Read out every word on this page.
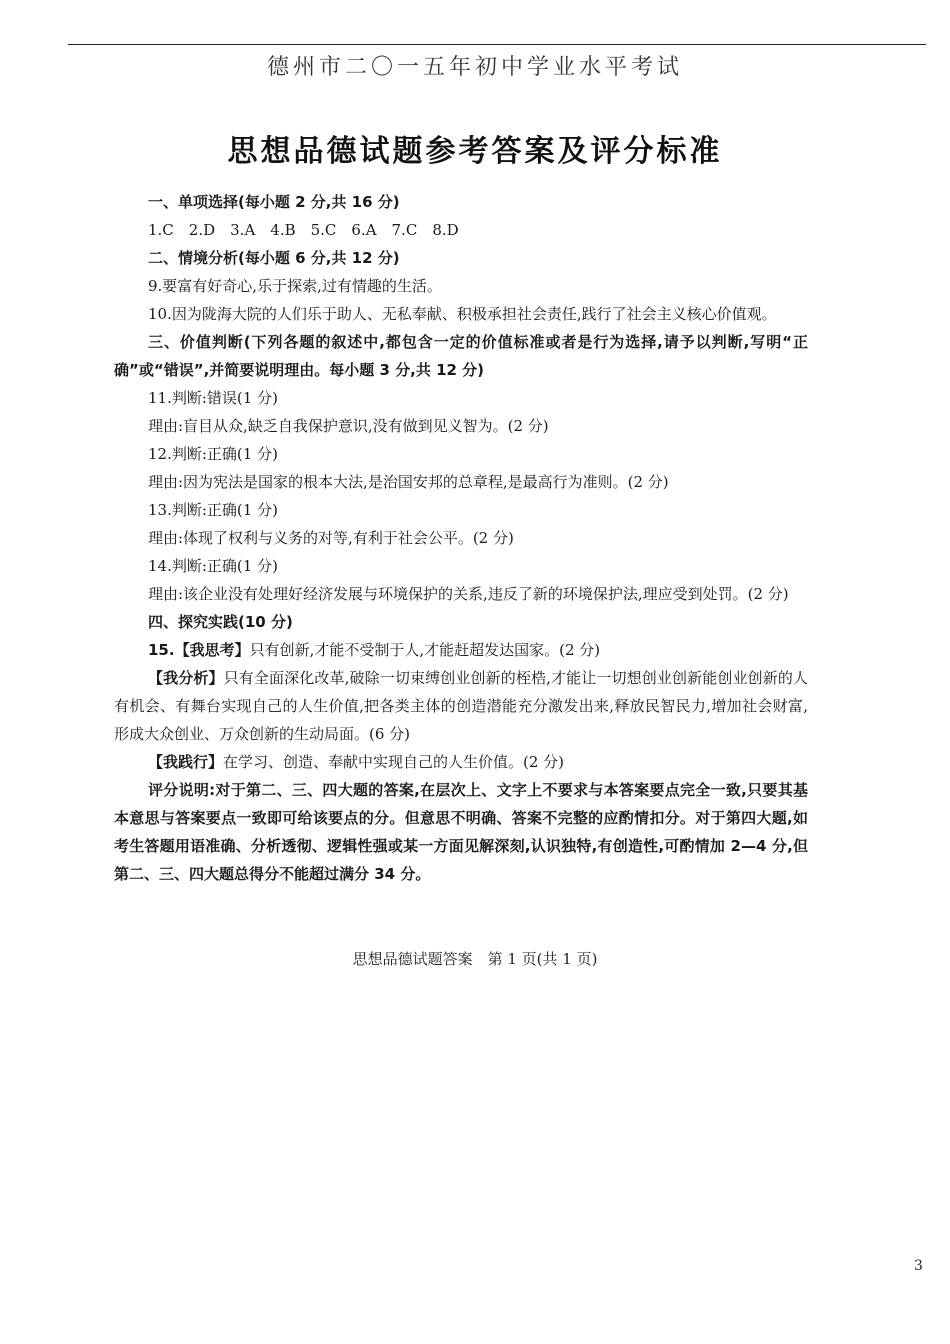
德州市二〇一五年初中学业水平考试
思想品德试题参考答案及评分标准

一、单项选择(每小题 2 分,共 16 分)

1.C　2.D　3.A　4.B　5.C　6.A　7.C　8.D

二、情境分析(每小题 6 分,共 12 分)

9.要富有好奇心,乐于探索,过有情趣的生活。

10.因为陇海大院的人们乐于助人、无私奉献、积极承担社会责任,践行了社会主义核心价值观。

三、价值判断(下列各题的叙述中,都包含一定的价值标准或者是行为选择,请予以判断,写明“正确”或“错误”,并简要说明理由。每小题 3 分,共 12 分)

11.判断:错误(1 分)

理由:盲目从众,缺乏自我保护意识,没有做到见义智为。(2 分)

12.判断:正确(1 分)

理由:因为宪法是国家的根本大法,是治国安邦的总章程,是最高行为准则。(2 分)

13.判断:正确(1 分)

理由:体现了权利与义务的对等,有利于社会公平。(2 分)

14.判断:正确(1 分)

理由:该企业没有处理好经济发展与环境保护的关系,违反了新的环境保护法,理应受到处罚。(2 分)

四、探究实践(10 分)

15.【我思考】只有创新,才能不受制于人,才能赶超发达国家。(2 分)

【我分析】只有全面深化改革,破除一切束缚创业创新的桎梏,才能让一切想创业创新能创业创新的人有机会、有舞台实现自己的人生价值,把各类主体的创造潜能充分激发出来,释放民智民力,增加社会财富,形成大众创业、万众创新的生动局面。(6 分)

【我践行】在学习、创造、奉献中实现自己的人生价值。(2 分)

评分说明:对于第二、三、四大题的答案,在层次上、文字上不要求与本答案要点完全一致,只要其基本意思与答案要点一致即可给该要点的分。但意思不明确、答案不完整的应酌情扣分。对于第四大题,如考生答题用语准确、分析透彻、逻辑性强或某一方面见解深刻,认识独特,有创造性,可酌情加 2—4 分,但第二、三、四大题总得分不能超过满分 34 分。

思想品德试题答案　第 1 页(共 1 页)
3
